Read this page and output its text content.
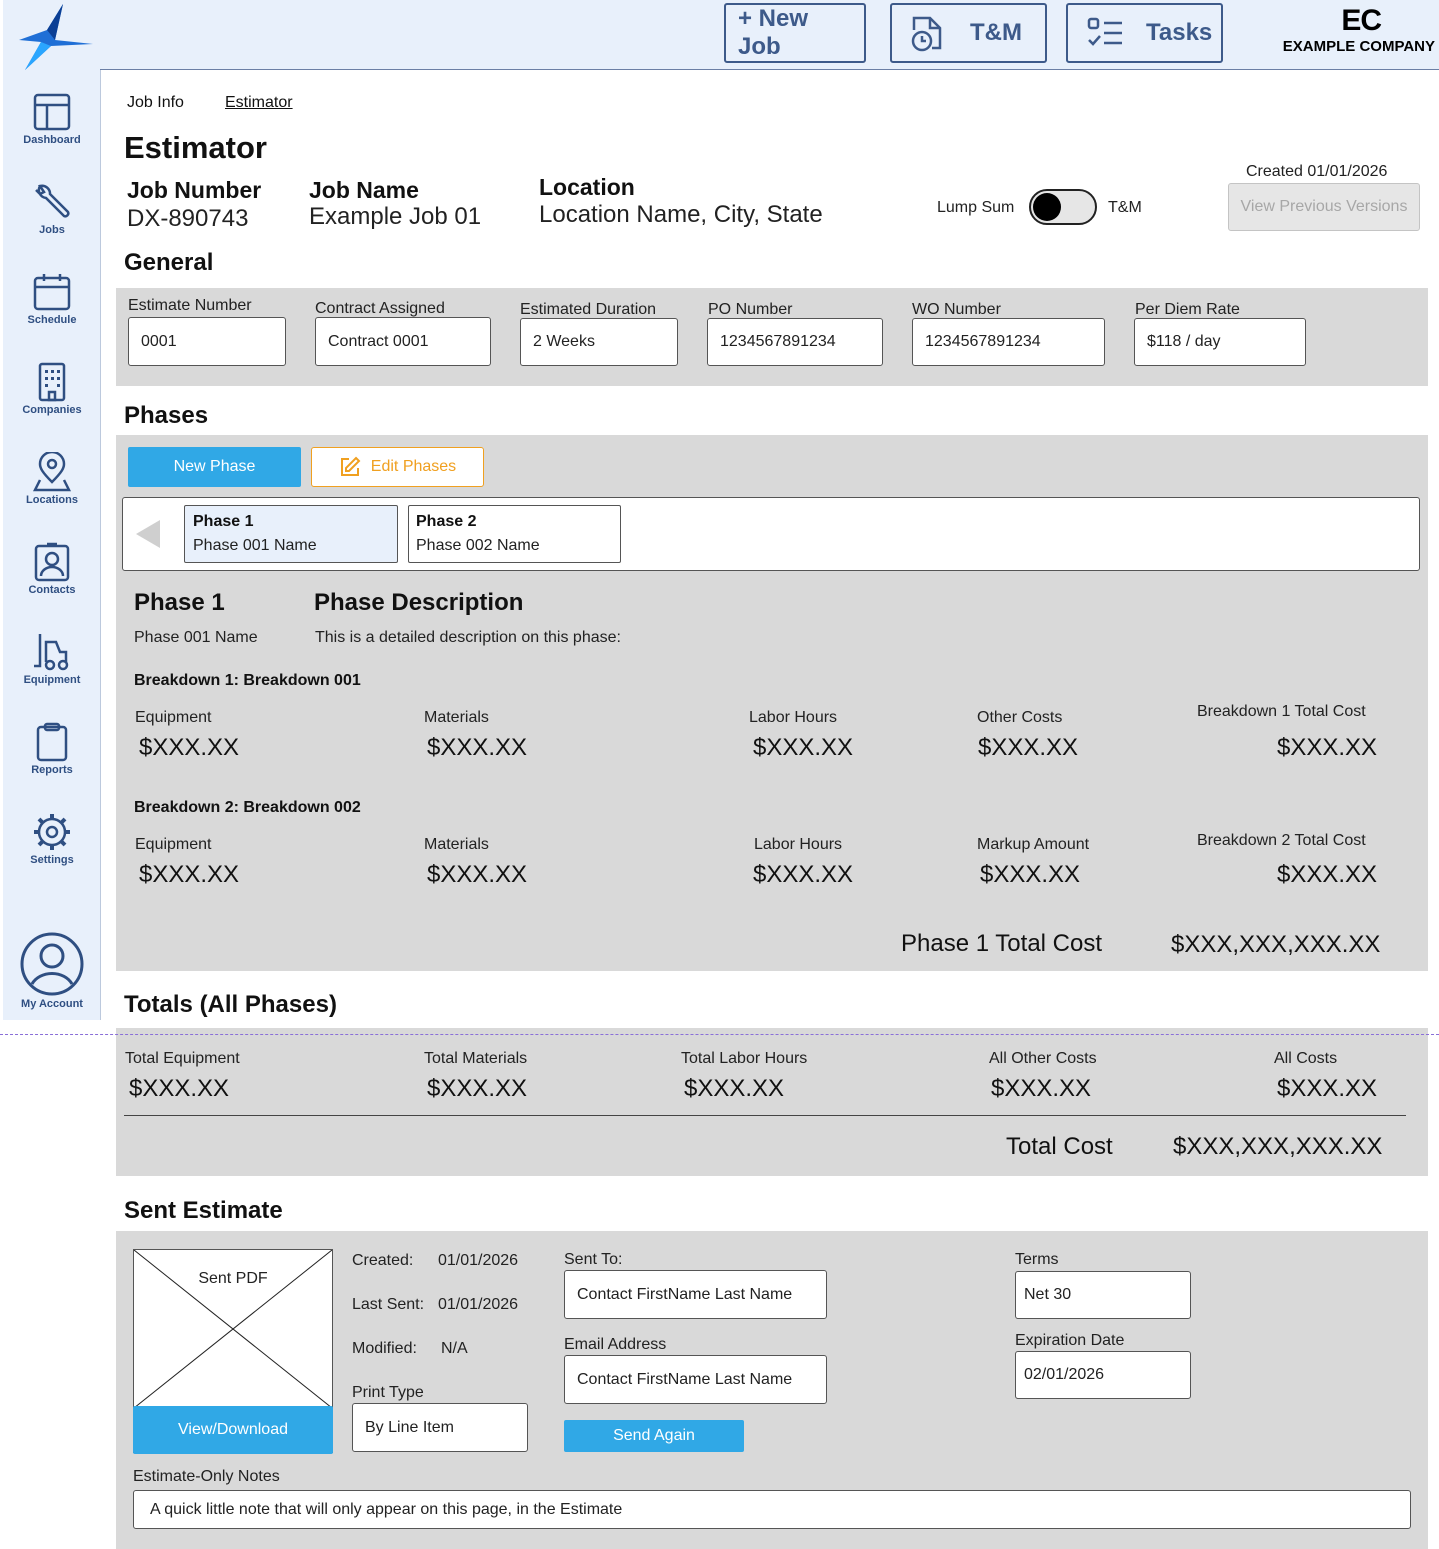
Dashboard
Jobs
Schedule
Companies
Locations
Contacts
Equipment
Reports
Settings
My Account
+ New Job
T&M	Tasks	EC
EXAMPLE COMPANY
Job Info	Estimator
Estimator
Job Number
DX-890743
Job Name
Example Job 01
Location
Location Name, City, State	Lump Sum	T&M
Created 01/01/2026
View Previous Versions
General
Estimate Number
0001
Contract Assigned
Contract 0001
Estimated Duration
2 Weeks
PO Number
1234567891234
WO Number
1234567891234
Per Diem Rate
$118 / day
Phases
New Phase	Edit Phases
Phase 1
Phase 001 Name
Phase 2
Phase 002 Name
Phase 1
Phase 001 Name
Phase Description
This is a detailed description on this phase:
Breakdown 1: Breakdown 001
Equipment
$XXX.XX
Materials
$XXX.XX
Labor Hours
$XXX.XX
Other Costs
$XXX.XX
Breakdown 1 Total Cost
$XXX.XX
Breakdown 2: Breakdown 002
Equipment
$XXX.XX
Materials
$XXX.XX
Labor Hours
$XXX.XX
Markup Amount
$XXX.XX
Breakdown 2 Total Cost
$XXX.XX
Phase 1 Total Cost	$XXX,XXX,XXX.XX
Totals (All Phases)
Total Equipment
$XXX.XX
Total Materials
$XXX.XX
Total Labor Hours
$XXX.XX
All Other Costs
$XXX.XX
All Costs
$XXX.XX
Total Cost	$XXX,XXX,XXX.XX
Sent Estimate
Sent PDF
View/Download
Created: 01/01/2026
Last Sent: 01/01/2026
Modified: N/A
Print Type
By Line Item
Sent To:
Contact FirstName Last Name
Email Address
Contact FirstName Last Name
Send Again
Terms
Net 30
Expiration Date
02/01/2026
Estimate-Only Notes
A quick little note that will only appear on this page, in the Estimate
